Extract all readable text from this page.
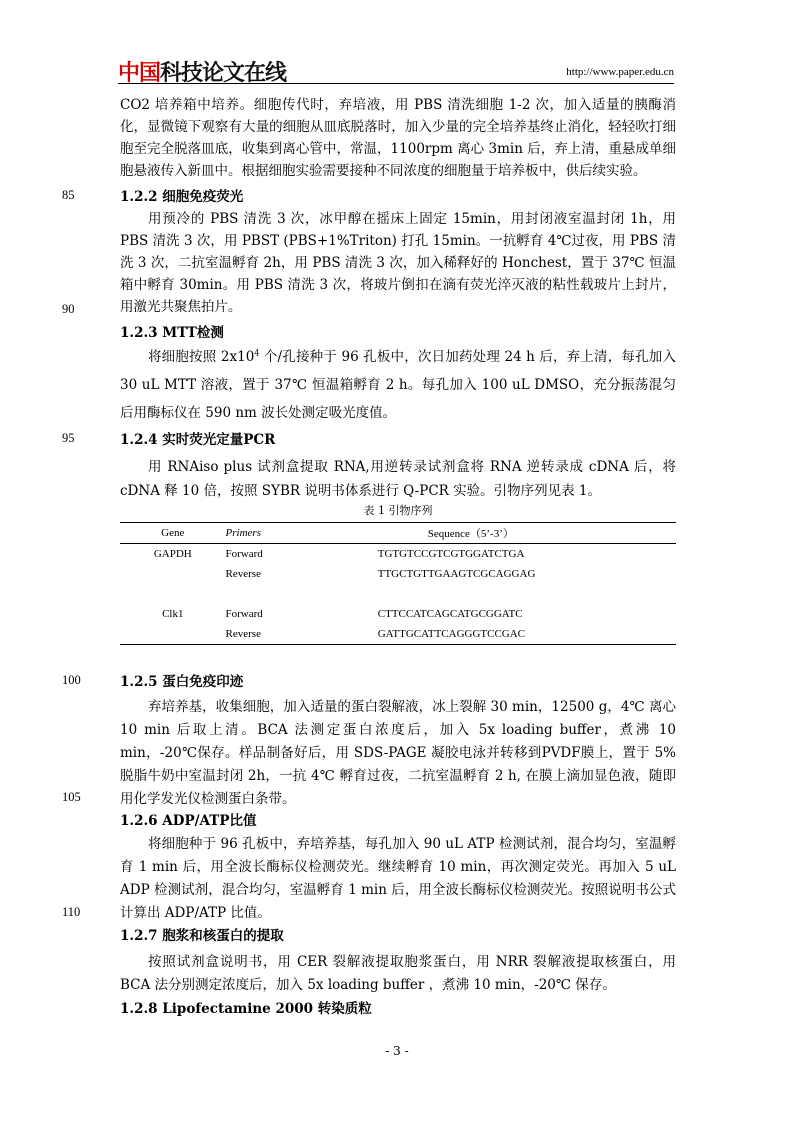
中国科技论文在线	http://www.paper.edu.cn
CO2 培养箱中培养。细胞传代时，弃培液，用 PBS 清洗细胞 1-2 次，加入适量的胰酶消化，显微镜下观察有大量的细胞从皿底脱落时，加入少量的完全培养基终止消化，轻轻吹打细胞至完全脱落皿底，收集到离心管中，常温，1100rpm 离心 3min 后，弃上清，重悬成单细胞悬液传入新皿中。根据细胞实验需要接种不同浓度的细胞量于培养板中，供后续实验。
85
90
95
100
105
110
1.2.2 细胞免疫荧光
用预冷的 PBS 清洗 3 次，冰甲醇在摇床上固定 15min，用封闭液室温封闭 1h，用 PBS 清洗 3 次，用 PBST (PBS+1%Triton) 打孔 15min。一抗孵育 4℃过夜，用 PBS 清洗 3 次，二抗室温孵育 2h，用 PBS 清洗 3 次，加入稀释好的 Honchest，置于 37℃ 恒温箱中孵育 30min。用 PBS 清洗 3 次，将玻片倒扣在滴有荧光淬灭液的粘性载玻片上封片，用激光共聚焦拍片。
1.2.3 MTT检测
将细胞按照 $2x10^4$ 个/孔接种于 96 孔板中，次日加药处理 24 h 后，弃上清，每孔加入 30 uL MTT 溶液，置于 37℃ 恒温箱孵育 2 h。每孔加入 100 uL DMSO，充分振荡混匀后用酶标仪在 590 nm 波长处测定吸光度值。
1.2.4 实时荧光定量PCR
用 RNAiso plus 试剂盒提取 RNA,用逆转录试剂盒将 RNA 逆转录成 cDNA 后，将 cDNA 释 10 倍，按照 SYBR 说明书体系进行 Q-PCR 实验。引物序列见表 1。
表 1 引物序列
Gene	Primers	Sequence（5’-3’）
GAPDH	Forward	TGTGTCCGTCGTGGATCTGA
	Reverse	TTGCTGTTGAAGTCGCAGGAG

Clk1	Forward	CTTCCATCAGCATGCGGATC
	Reverse	GATTGCATTCAGGGTCCGAC
1.2.5 蛋白免疫印迹
弃培养基，收集细胞，加入适量的蛋白裂解液，冰上裂解 30 min，12500 g，4℃ 离心 10 min 后取上清。BCA 法测定蛋白浓度后，加入 5x loading buffer，煮沸 10 min，-20℃保存。样品制备好后，用 SDS-PAGE 凝胶电泳并转移到PVDF膜上，置于 5% 脱脂牛奶中室温封闭 2h，一抗 4℃ 孵育过夜，二抗室温孵育 2 h, 在膜上滴加显色液，随即用化学发光仪检测蛋白条带。
1.2.6 ADP/ATP比值
将细胞种于 96 孔板中，弃培养基，每孔加入 90 uL ATP 检测试剂，混合均匀，室温孵育 1 min 后，用全波长酶标仪检测荧光。继续孵育 10 min，再次测定荧光。再加入 5 uL ADP 检测试剂，混合均匀，室温孵育 1 min 后，用全波长酶标仪检测荧光。按照说明书公式计算出 ADP/ATP 比值。
1.2.7 胞浆和核蛋白的提取
按照试剂盒说明书，用 CER 裂解液提取胞浆蛋白，用 NRR 裂解液提取核蛋白，用 BCA 法分别测定浓度后，加入 5x loading buffer ，煮沸 10 min，-20℃ 保存。
1.2.8 Lipofectamine 2000 转染质粒
- 3 -
